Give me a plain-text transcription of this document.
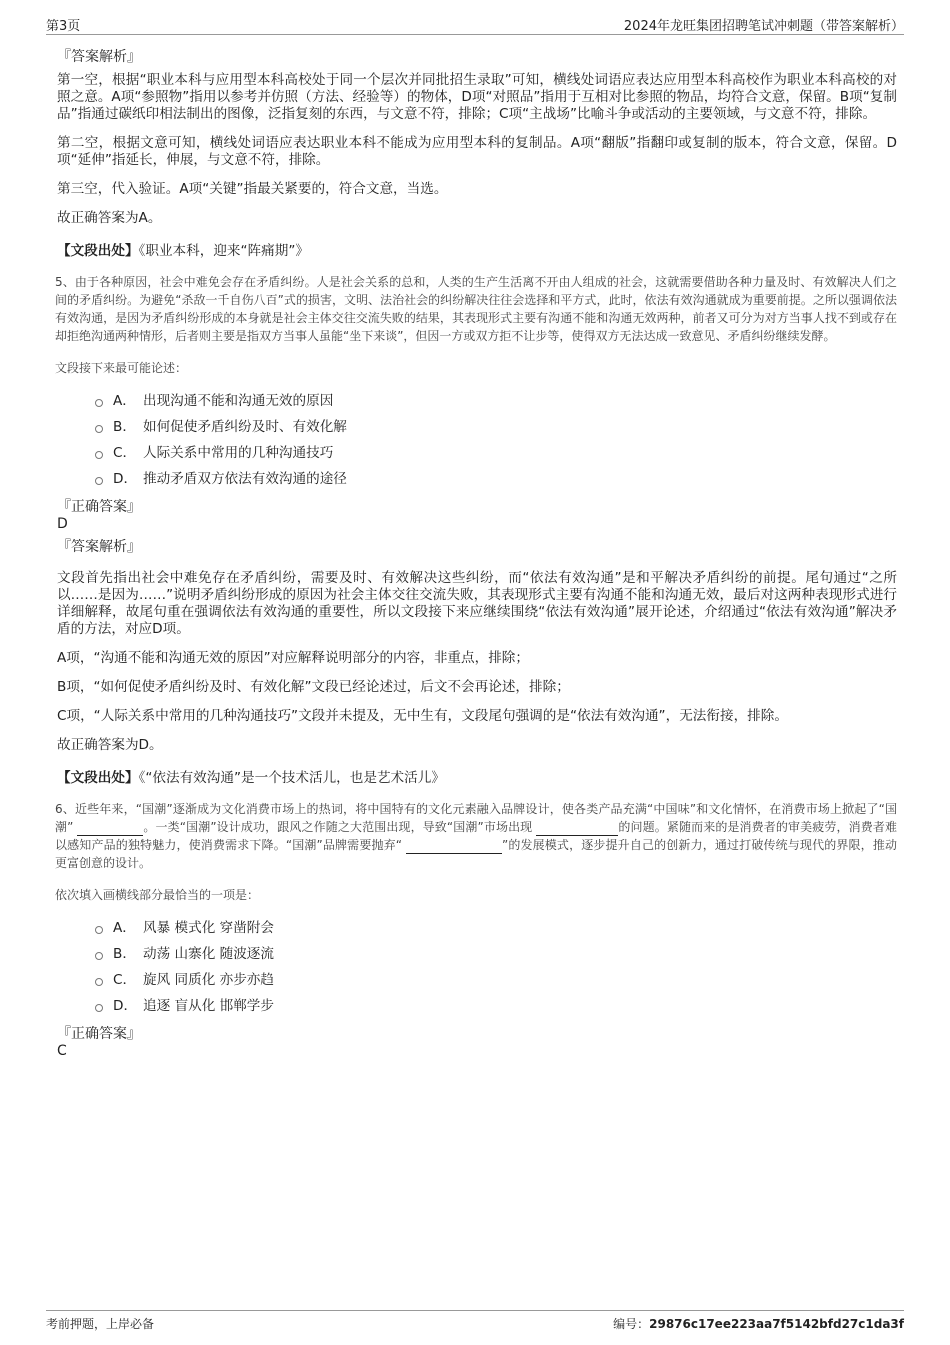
第3页	2024年龙旺集团招聘笔试冲刺题（带答案解析）
『答案解析』

第一空，根据“职业本科与应用型本科高校处于同一个层次并同批招生录取”可知，横线处词语应表达应用型本科高校作为职业本科高校的对照之意。A项“参照物”指用以参考并仿照（方法、经验等）的物体，D项“对照品”指用于互相对比参照的物品，均符合文意，保留。B项“复制品”指通过碳纸印相法制出的图像，泛指复刻的东西，与文意不符，排除；C项“主战场”比喻斗争或活动的主要领域，与文意不符，排除。

第二空，根据文意可知，横线处词语应表达职业本科不能成为应用型本科的复制品。A项“翻版”指翻印或复制的版本，符合文意，保留。D项“延伸”指延长，伸展，与文意不符，排除。

第三空，代入验证。A项“关键”指最关紧要的，符合文意，当选。

故正确答案为A。

【文段出处】《职业本科，迎来“阵痛期”》

5、由于各种原因，社会中难免会存在矛盾纠纷。人是社会关系的总和，人类的生产生活离不开由人组成的社会，这就需要借助各种力量及时、有效解决人们之间的矛盾纠纷。为避免“杀敌一千自伤八百”式的损害，文明、法治社会的纠纷解决往往会选择和平方式，此时，依法有效沟通就成为重要前提。之所以强调依法有效沟通，是因为矛盾纠纷形成的本身就是社会主体交往交流失败的结果，其表现形式主要有沟通不能和沟通无效两种，前者又可分为对方当事人找不到或存在却拒绝沟通两种情形，后者则主要是指双方当事人虽能“坐下来谈”，但因一方或双方拒不让步等，使得双方无法达成一致意见、矛盾纠纷继续发酵。

文段接下来最可能论述：
A． 出现沟通不能和沟通无效的原因
B． 如何促使矛盾纠纷及时、有效化解
C． 人际关系中常用的几种沟通技巧
D． 推动矛盾双方依法有效沟通的途径
『正确答案』
D
『答案解析』

文段首先指出社会中难免存在矛盾纠纷，需要及时、有效解决这些纠纷，而“依法有效沟通”是和平解决矛盾纠纷的前提。尾句通过“之所以……是因为……”说明矛盾纠纷形成的原因为社会主体交往交流失败，其表现形式主要有沟通不能和沟通无效，最后对这两种表现形式进行详细解释，故尾句重在强调依法有效沟通的重要性，所以文段接下来应继续围绕“依法有效沟通”展开论述，介绍通过“依法有效沟通”解决矛盾的方法，对应D项。

A项，“沟通不能和沟通无效的原因”对应解释说明部分的内容，非重点，排除；

B项，“如何促使矛盾纠纷及时、有效化解”文段已经论述过，后文不会再论述，排除；

C项，“人际关系中常用的几种沟通技巧”文段并未提及，无中生有，文段尾句强调的是“依法有效沟通”，无法衔接，排除。

故正确答案为D。

【文段出处】《“依法有效沟通”是一个技术活儿，也是艺术活儿》

6、近些年来，“国潮”逐渐成为文化消费市场上的热词，将中国特有的文化元素融入品牌设计，使各类产品充满“中国味”和文化情怀，在消费市场上掀起了“国潮”	。一类“国潮”设计成功，跟风之作随之大范围出现，导致“国潮”市场出现	的问题。紧随而来的是消费者的审美疲劳，消费者难以感知产品的独特魅力，使消费需求下降。“国潮”品牌需要抛弃“	”的发展模式，逐步提升自己的创新力，通过打破传统与现代的界限，推动更富创意的设计。

依次填入画横线部分最恰当的一项是：
A． 风暴 模式化 穿凿附会
B． 动荡 山寨化 随波逐流
C． 旋风 同质化 亦步亦趋
D． 追逐 盲从化 邯郸学步
『正确答案』
C
考前押题，上岸必备	编号：29876c17ee223aa7f5142bfd27c1da3f
